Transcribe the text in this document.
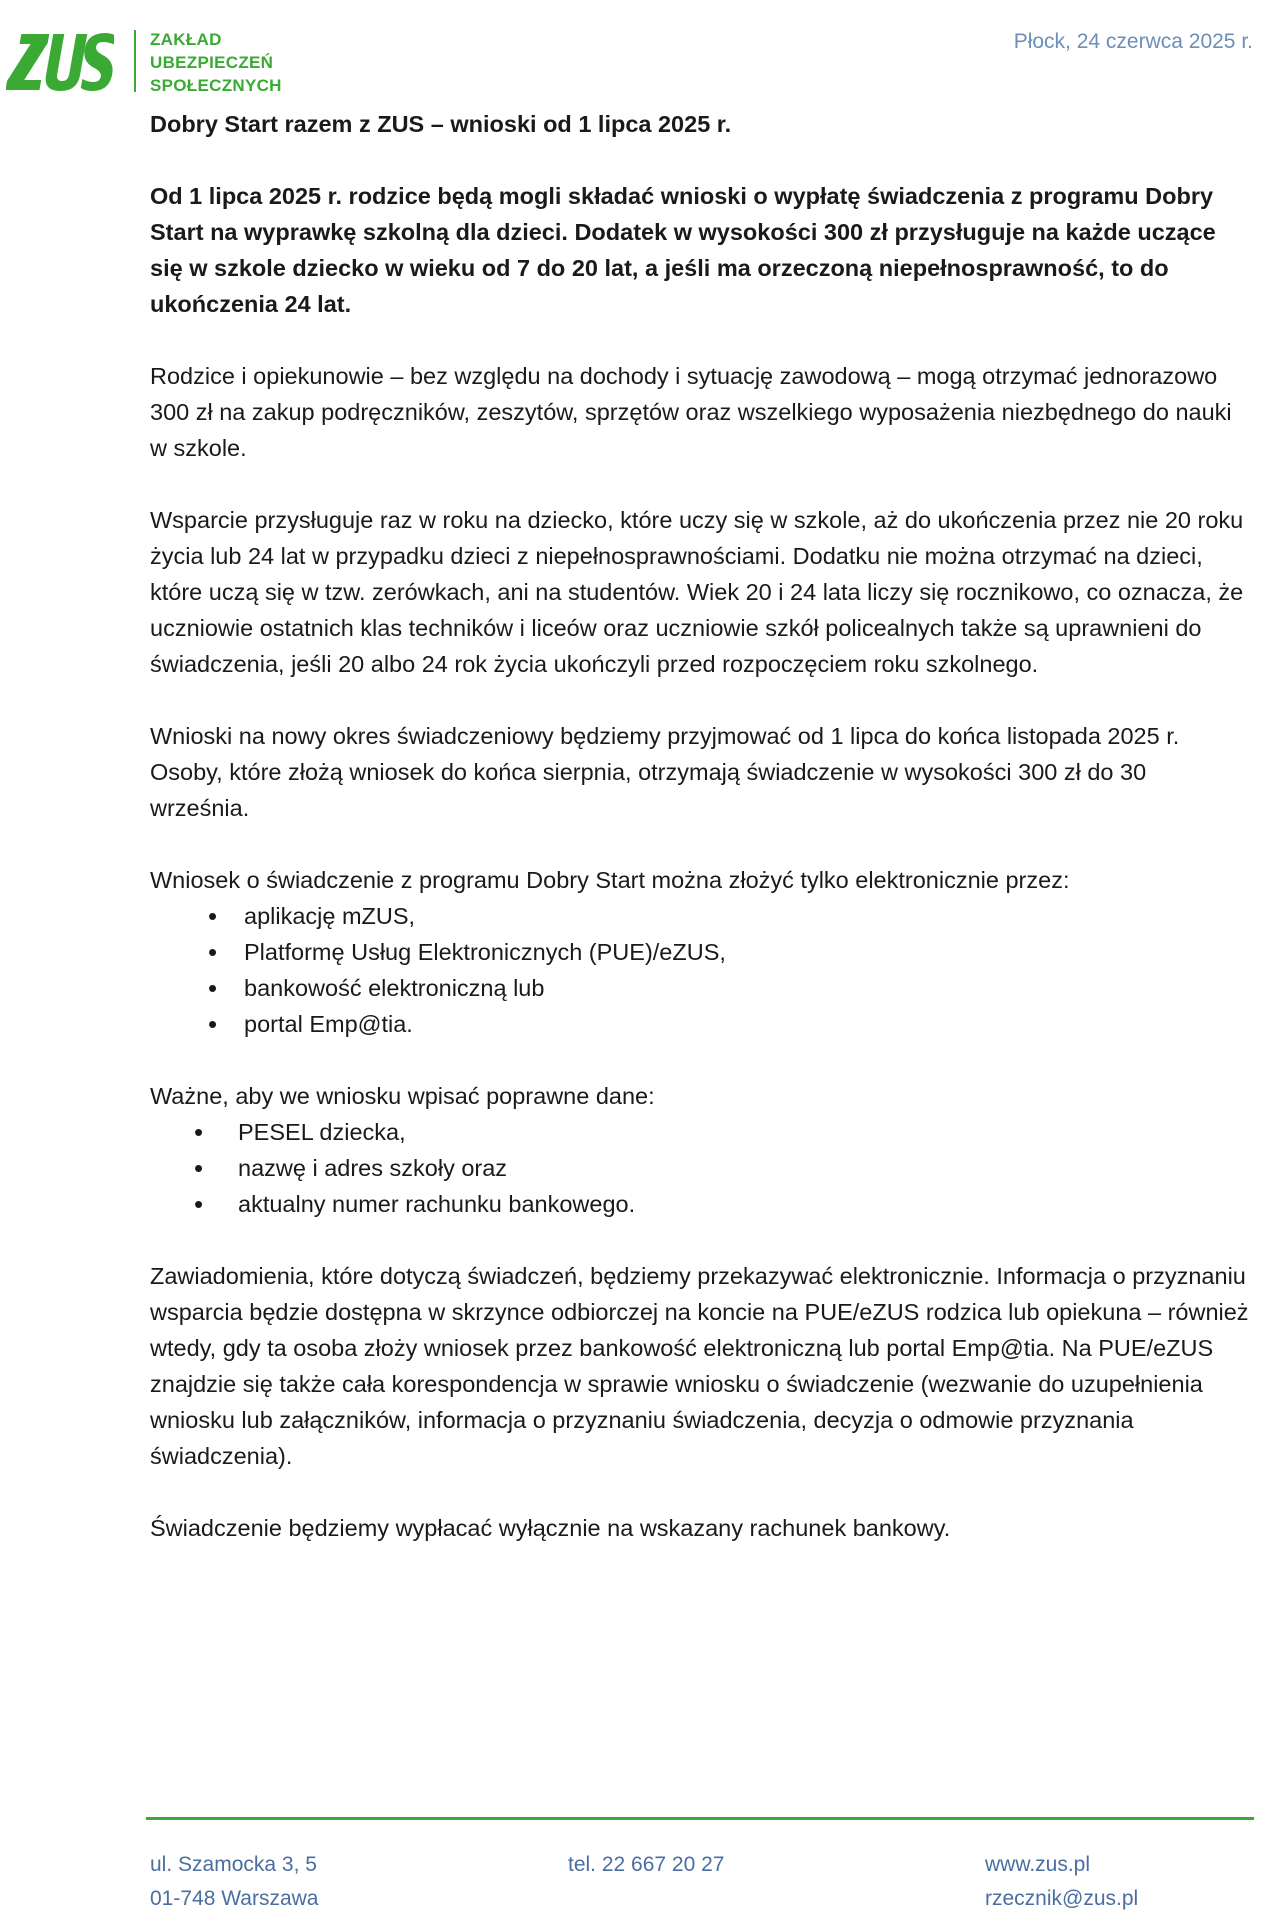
ZAKŁAD
UBEZPIECZEŃ
SPOŁECZNYCH
Płock, 24 czerwca 2025 r.

Dobry Start razem z ZUS – wnioski od 1 lipca 2025 r.

Od 1 lipca 2025 r. rodzice będą mogli składać wnioski o wypłatę świadczenia z programu Dobry Start na wyprawkę szkolną dla dzieci. Dodatek w wysokości 300 zł przysługuje na każde uczące się w szkole dziecko w wieku od 7 do 20 lat, a jeśli ma orzeczoną niepełnosprawność, to do ukończenia 24 lat.

Rodzice i opiekunowie – bez względu na dochody i sytuację zawodową – mogą otrzymać jednorazowo 300 zł na zakup podręczników, zeszytów, sprzętów oraz wszelkiego wyposażenia niezbędnego do nauki w szkole.

Wsparcie przysługuje raz w roku na dziecko, które uczy się w szkole, aż do ukończenia przez nie 20 roku życia lub 24 lat w przypadku dzieci z niepełnosprawnościami. Dodatku nie można otrzymać na dzieci, które uczą się w tzw. zerówkach, ani na studentów. Wiek 20 i 24 lata liczy się rocznikowo, co oznacza, że uczniowie ostatnich klas techników i liceów oraz uczniowie szkół policealnych także są uprawnieni do świadczenia, jeśli 20 albo 24 rok życia ukończyli przed rozpoczęciem roku szkolnego.

Wnioski na nowy okres świadczeniowy będziemy przyjmować od 1 lipca do końca listopada 2025 r. Osoby, które złożą wniosek do końca sierpnia, otrzymają świadczenie w wysokości 300 zł do 30 września.

Wniosek o świadczenie z programu Dobry Start można złożyć tylko elektronicznie przez:

• aplikację mZUS,
• Platformę Usług Elektronicznych (PUE)/eZUS,
• bankowość elektroniczną lub
• portal Emp@tia.

Ważne, aby we wniosku wpisać poprawne dane:

• PESEL dziecka,
• nazwę i adres szkoły oraz
• aktualny numer rachunku bankowego.

Zawiadomienia, które dotyczą świadczeń, będziemy przekazywać elektronicznie. Informacja o przyznaniu wsparcia będzie dostępna w skrzynce odbiorczej na koncie na PUE/eZUS rodzica lub opiekuna – również wtedy, gdy ta osoba złoży wniosek przez bankowość elektroniczną lub portal Emp@tia. Na PUE/eZUS znajdzie się także cała korespondencja w sprawie wniosku o świadczenie (wezwanie do uzupełnienia wniosku lub załączników, informacja o przyznaniu świadczenia, decyzja o odmowie przyznania świadczenia).

Świadczenie będziemy wypłacać wyłącznie na wskazany rachunek bankowy.

ul. Szamocka 3, 5
01-748 Warszawa
tel. 22 667 20 27	www.zus.pl
rzecznik@zus.pl
